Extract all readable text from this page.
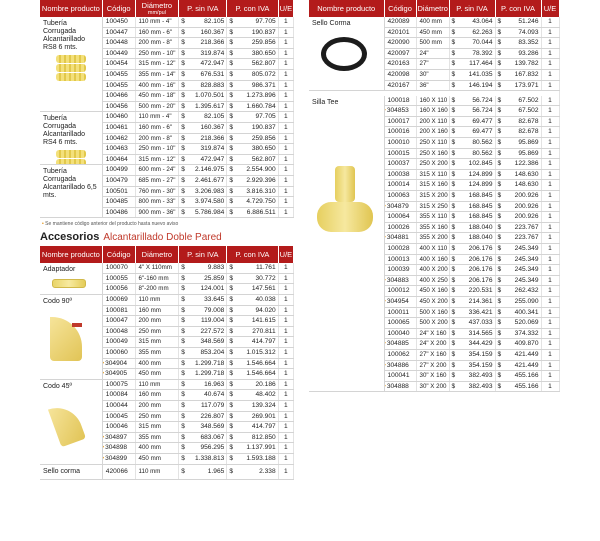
Nombre producto	Código	Diámetro
mm/pul	P. sin IVA	P. con IVA	U/E

Tubería Corrugada Alcantarillado RS8 6 mts.	100450	110 mm - 4"	$ 82.105	$ 97.705	1
	100447	160 mm - 6"	$ 160.367	$ 190.837	1
	100448	200 mm - 8"	$ 218.366	$ 259.856	1
	100449	250 mm - 10"	$ 319.874	$ 380.650	1
	100454	315 mm - 12"	$ 472.947	$ 562.807	1
	100455	355 mm - 14"	$ 676.531	$ 805.072	1
	100455	400 mm - 16"	$ 828.883	$ 986.371	1
	100466	450 mm - 18"	$ 1.070.501	$ 1.273.896	1
	100456	500 mm - 20"	$ 1.395.617	$ 1.660.784	1

Tubería Corrugada Alcantarillado RS4 6 mts.	100460	110 mm - 4"	$ 82.105	$ 97.705	1
	100461	160 mm - 6"	$ 160.367	$ 190.837	1
	100462	200 mm - 8"	$ 218.366	$ 259.856	1
	100463	250 mm - 10"	$ 319.874	$ 380.650	1
	100464	315 mm - 12"	$ 472.947	$ 562.807	1

Tubería Corrugada Alcantarillado 6,5 mts.	100499	600 mm - 24"	$ 2.146.975	$ 2.554.900	1
	100479	685 mm - 27"	$ 2.461.677	$ 2.929.396	1
	100501	760 mm - 30"	$ 3.206.983	$ 3.816.310	1
	100485	800 mm - 33"	$ 3.974.580	$ 4.729.750	1
	100486	900 mm - 36"	$ 5.786.984	$ 6.886.511	1
• Se mantiene código anterior del producto hasta nuevo aviso
Accesorios Alcantarillado Doble Pared
Nombre producto	Código	Diámetro	P. sin IVA	P. con IVA	U/E

Adaptador	100070	4" X 110mm	$ 9.883	$ 11.761	1
	100055	6"-160 mm	$ 25.859	$ 30.772	1
	100056	8"-200 mm	$ 124.001	$ 147.561	1

Codo 90º	100069	110 mm	$ 33.645	$ 40.038	1
	100081	160 mm	$ 79.008	$ 94.020	1
	100047	200 mm	$ 119.004	$ 141.615	1
	100048	250 mm	$ 227.572	$ 270.811	1
	100049	315 mm	$ 348.569	$ 414.797	1
	100060	355 mm	$ 853.204	$ 1.015.312	1
	• 304904	400 mm	$ 1.299.718	$ 1.546.664	1
	• 304905	450 mm	$ 1.299.718	$ 1.546.664	1

Codo 45º	100075	110 mm	$ 16.963	$ 20.186	1
	100084	160 mm	$ 40.674	$ 48.402	1
	100044	200 mm	$ 117.079	$ 139.324	1
	100045	250 mm	$ 226.807	$ 269.901	1
	100046	315 mm	$ 348.569	$ 414.797	1
	• 304897	355 mm	$ 683.067	$ 812.850	1
	• 304898	400 mm	$ 956.295	$ 1.137.991	1
	• 304899	450 mm	$ 1.338.813	$ 1.593.188	1

Sello corma	420066	110 mm	$ 1.965	$ 2.338	1
Nombre producto	Código	Diámetro	P. sin IVA	P. con IVA	U/E

Sello Corma	420089	400 mm	$ 43.064	$ 51.246	1
	420101	450 mm	$ 62.263	$ 74.093	1
	420090	500 mm	$ 70.044	$ 83.352	1
	420097	24"	$ 78.392	$ 93.286	1
	420163	27"	$ 117.464	$ 139.782	1
	420098	30"	$ 141.035	$ 167.832	1
	420167	36"	$ 146.194	$ 173.971	1

Silla Tee	100018	160 X 110	$ 56.724	$ 67.502	1
	• 304853	160 X 160	$ 56.724	$ 67.502	1
	100017	200 X 110	$ 69.477	$ 82.678	1
	100016	200 X 160	$ 69.477	$ 82.678	1
	100010	250 X 110	$ 80.562	$ 95.869	1
	100015	250 X 160	$ 80.562	$ 95.869	1
	100037	250 X 200	$ 102.845	$ 122.386	1
	100038	315 X 110	$ 124.899	$ 148.630	1
	100014	315 X 160	$ 124.899	$ 148.630	1
	100063	315 X 200	$ 168.845	$ 200.926	1
	• 304879	315 X 250	$ 168.845	$ 200.926	1
	100064	355 X 110	$ 168.845	$ 200.926	1
	100026	355 X 160	$ 188.040	$ 223.767	1
	• 304881	355 X 200	$ 188.040	$ 223.767	1
	100028	400 X 110	$ 206.176	$ 245.349	1
	100013	400 X 160	$ 206.176	$ 245.349	1
	100039	400 X 200	$ 206.176	$ 245.349	1
	• 304883	400 X 250	$ 206.176	$ 245.349	1
	100012	450 X 160	$ 220.531	$ 262.432	1
	• 304954	450 X 200	$ 214.361	$ 255.090	1
	100011	500 X 160	$ 336.421	$ 400.341	1
	100065	500 X 200	$ 437.033	$ 520.069	1
	100040	24" X 160	$ 314.565	$ 374.332	1
	• 304885	24" X 200	$ 344.429	$ 409.870	1
	100062	27" X 160	$ 354.159	$ 421.449	1
	• 304886	27" X 200	$ 354.159	$ 421.449	1
	100041	30" X 160	$ 382.493	$ 455.166	1
	• 304888	30" X 200	$ 382.493	$ 455.166	1
